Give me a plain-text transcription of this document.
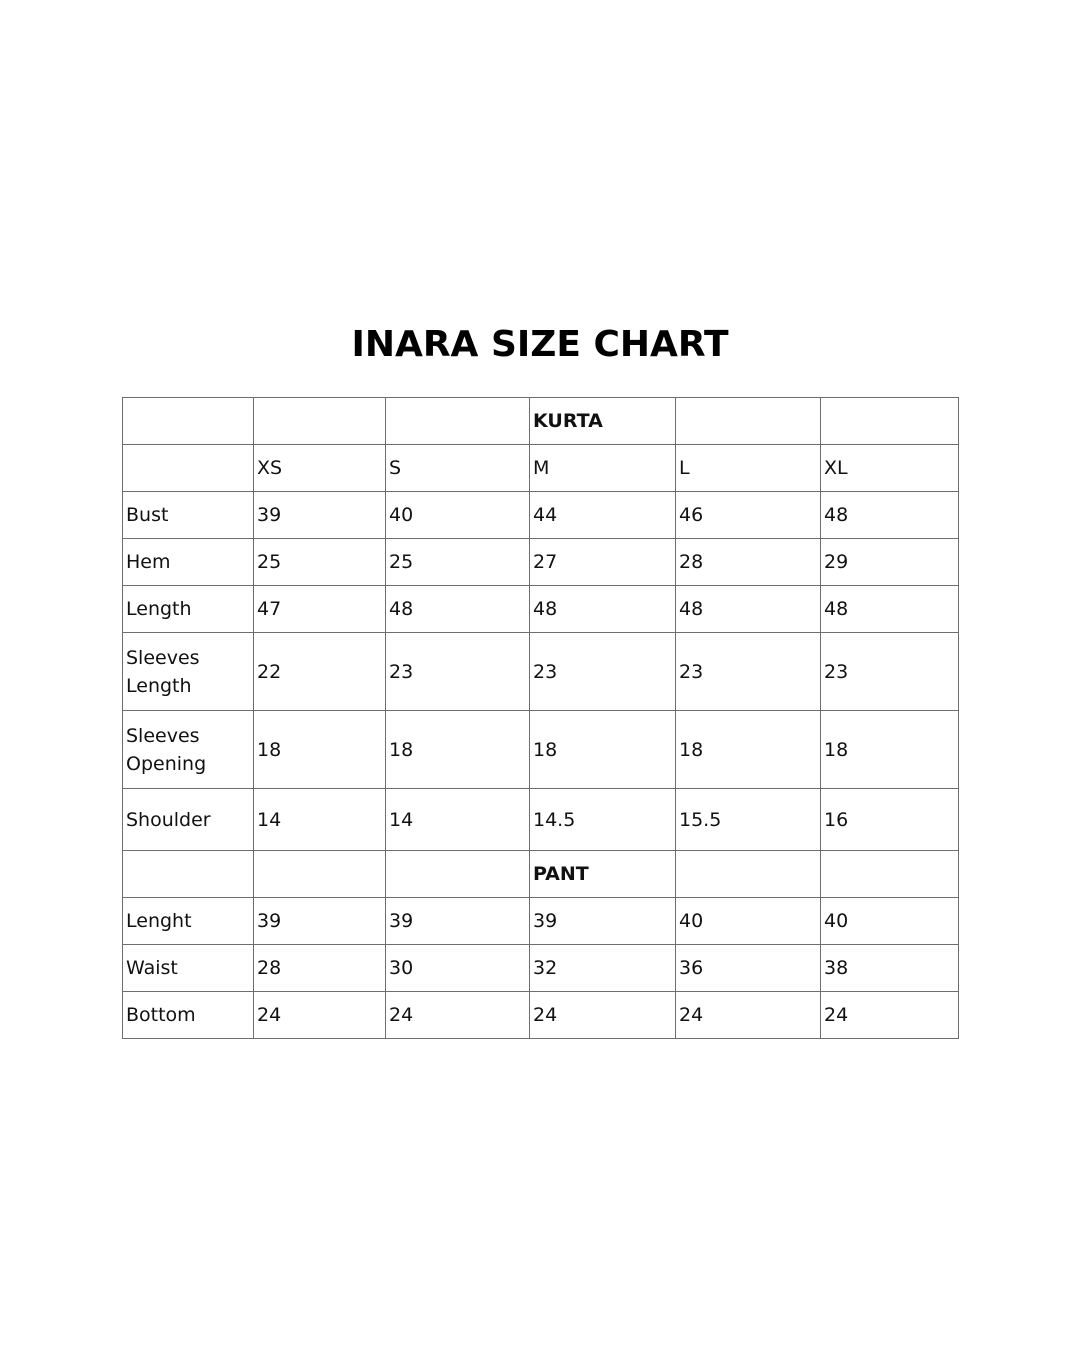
INARA SIZE CHART
			KURTA		
	XS	S	M	L	XL
Bust	39	40	44	46	48
Hem	25	25	27	28	29
Length	47	48	48	48	48
Sleeves
Length	22	23	23	23	23
Sleeves
Opening	18	18	18	18	18
Shoulder	14	14	14.5	15.5	16
			PANT		
Lenght	39	39	39	40	40
Waist	28	30	32	36	38
Bottom	24	24	24	24	24
